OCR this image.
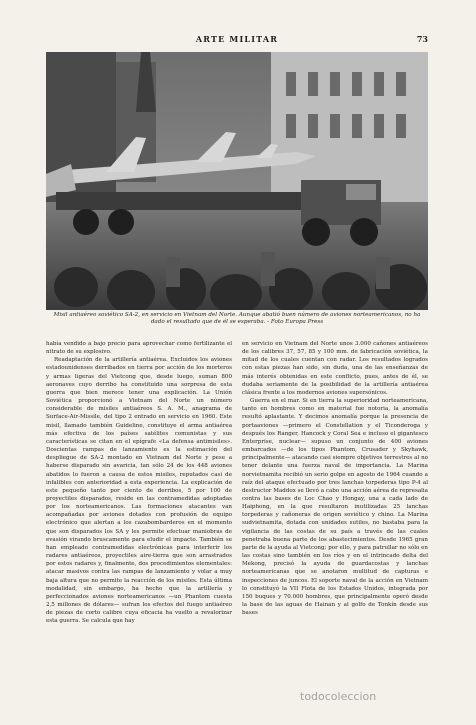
ARTE MILITAR	73
Misil antiaéreo soviético SA-2, en servicio en Vietnam del Norte. Aunque abatió buen número de aviones norteamericanos, no ha dado el resultado que de él se esperaba. - Foto Europa Press

había vendido a bajo precio para aprovechar como fertilizante el nitrato de su explosivo.

Readaptación de la artillería antiaérea. Excluidos los aviones estadounidenses derribados en tierra por acción de los morteros y armas ligeras del Vietcong que, desde luego, suman 800 aeronaves cuyo derribo ha constituido una sorpresa de esta guerra que bien merece tener una explicación. La Unión Soviética proporcionó a Vietnam del Norte un número considerable de misiles antiaéreos S. A. M., anagrama de Surface-Air-Missile, del tipo 2 entrado en servicio en 1960. Este misil, llamado también Guideline, constituye el arma antiaérea más efectiva de los países satélites comunistas y sus características se citan en el epígrafe «La defensa antimisiles». Doscientas rampas de lanzamiento es la estimación del despliegue de SA-2 montado en Vietnam del Norte y pese a haberse disparado sin avaricia, tan sólo 24 de los 448 aviones abatidos lo fueron a causa de estos misiles, reputados casi de infalibles con anterioridad a esta experiencia. La explicación de este pequeño tanto por ciento de derribos, 5 por 100 de proyectiles disparados, reside en las contramedidas adoptadas por los norteamericanos. Las formaciones atacantes van acompañadas por aviones dotados con profusión de equipo electrónico que alertan a los cazabombarderos en el momento que son disparados los SA y les permite efectuar maniobras de evasión virando bruscamente para eludir el impacto. También se han empleado contramedidas electrónicas para interferir los radares antiaéreos, proyectiles aire-tierra que son arrastrados por estos radares y, finalmente, dos procedimientos elementales: atacar masivos contra las rampas de lanzamiento y volar a muy baja altura que no permite la reacción de los misiles. Esta última modalidad, sin embargo, ha hecho que la artillería y perfeccionados aviones norteamericanos —un Phantom cuesta 2,5 millones de dólares— sufran los efectos del fuego antiaéreo de piezas de corto calibre cuya eficacia ha vuelto a revalorizar esta guerra. Se calcula que hay

en servicio en Vietnam del Norte unos 3.000 cañones antiaéreos de los calibres 37, 57, 85 y 100 mm. de fabricación soviética, la mitad de los cuales cuentan con radar. Los resultados logrados con estas piezas han sido, sin duda, una de las enseñanzas de más interés obtenidas en este conflicto, pues, antes de él, se dudaba seriamente de la posibilidad de la artillería antiaérea clásica frente a los modernos aviones supersónicos.

Guerra en el mar. Si en tierra la superioridad norteamericana, tanto en hombres como en material fue notoria, la anomalía resultó aplastante. Y decimos anomalía porque la presencia de portaaviones —primero el Constellation y el Ticonderoga y después los Ranger, Hancock y Coral Sea e incluso el gigantesco Enterprise, nuclear— supuso un conjunto de 400 aviones embarcados —de los tipos Phantom, Crusader y Skyhawk, principalmente— atacando casi siempre objetivos terrestres al no tener delante una fuerza naval de importancia. La Marina norvietnamita recibió un serio golpe en agosto de 1964 cuando a raíz del ataque efectuado por tres lanchas torpederas tipo P-4 al destructor Maddox se llevó a cabo una acción aérea de represalia contra las bases de Loc Chao y Hongay, una a cada lado de Haiphong, en la que resultaron inutilizadas 25 lanchas torpederas y cañoneras de origen soviético y chino. La Marina sudvietnamita, dotada con unidades sutiles, no bastaba para la vigilancia de las costas de su país a través de las cuales penetraba buena parte de los abastecimientos. Desde 1965 gran parte de la ayuda al Vietcong; por ello, y para patrullar no sólo en las costas sino también en los ríos y en el intrincado delta del Mekong, precisó la ayuda de guardacostas y lanchas norteamericanas que se anotaron multitud de capturas e inspecciones de juncos. El soporte naval de la acción en Vietnam lo constituyó la VII Flota de los Estados Unidos, integrada por 150 buques y 70.000 hombres, que principalmente operó desde la base de las aguas de Hainan y al golfo de Tonkín desde sus bases

todocoleccion
